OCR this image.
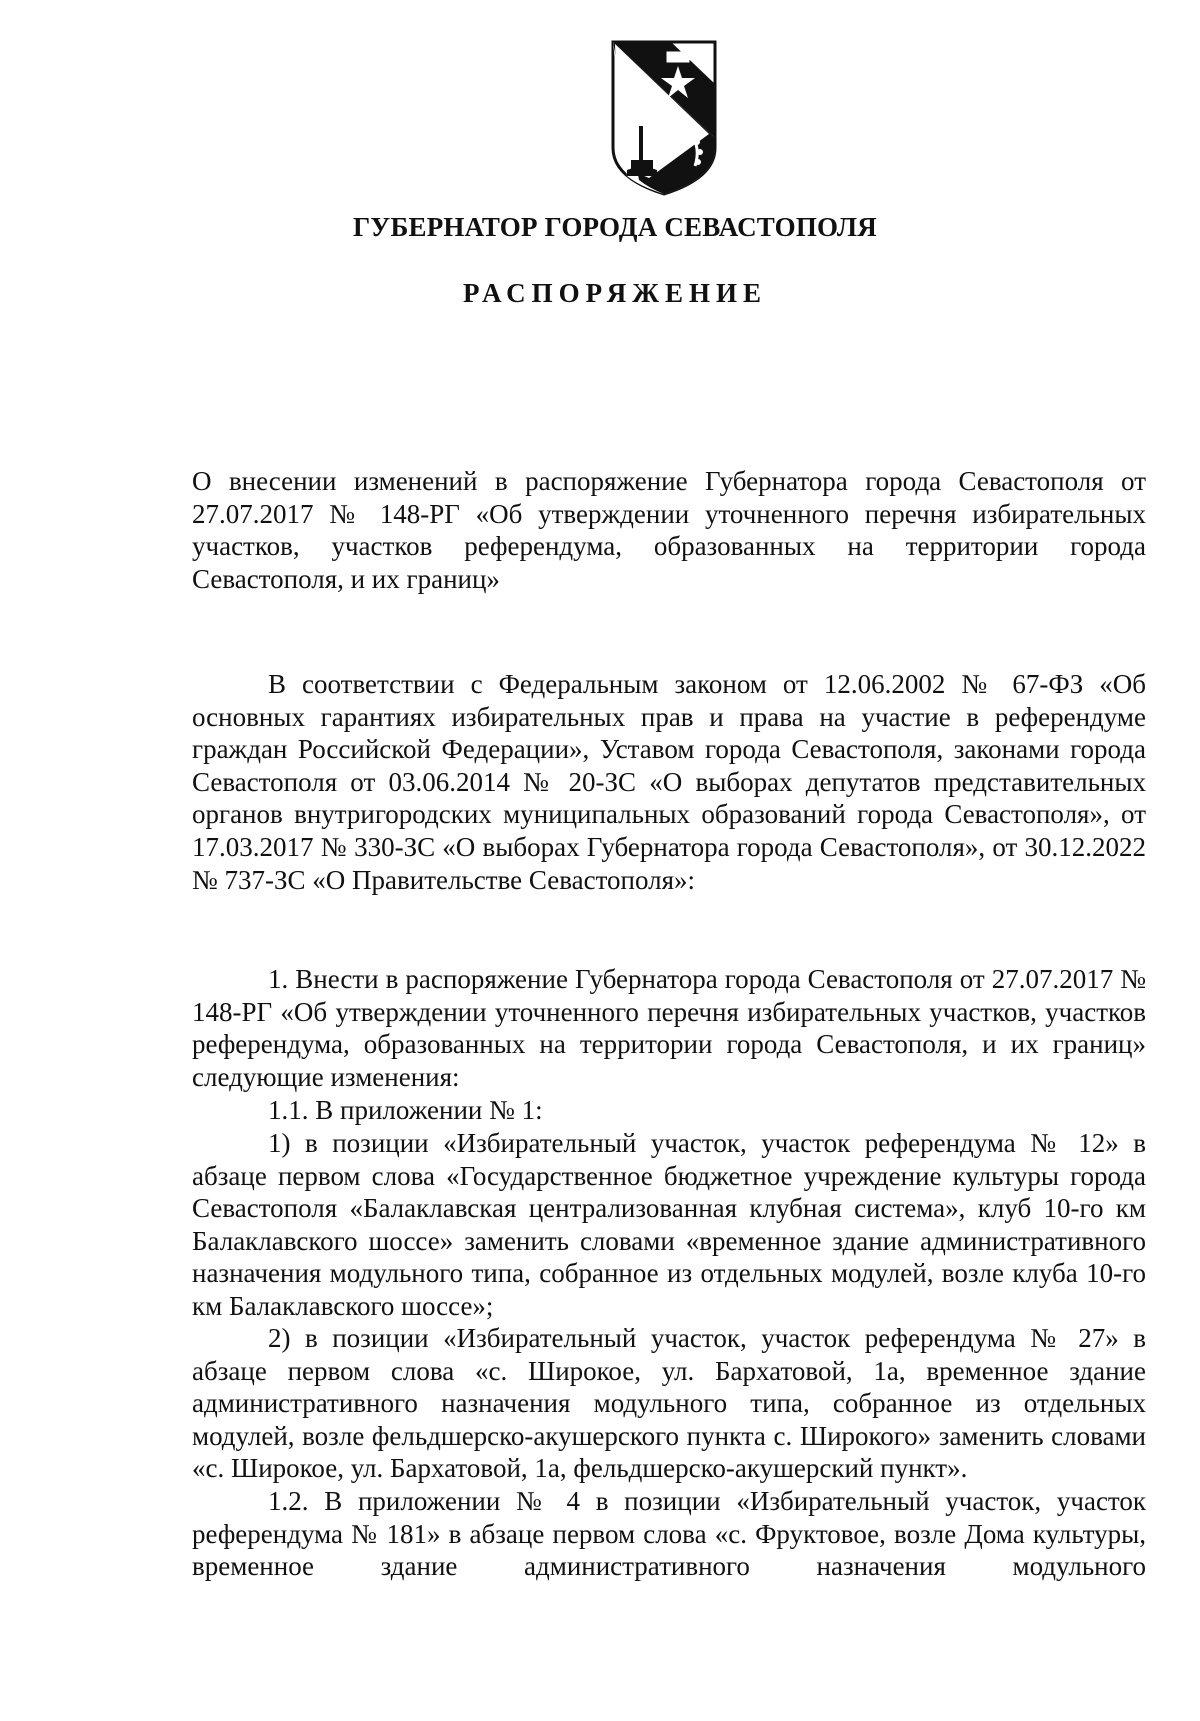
ГУБЕРНАТОР ГОРОДА СЕВАСТОПОЛЯ
РАСПОРЯЖЕНИЕ

О внесении изменений в распоряжение Губернатора города Севастополя от 27.07.2017 № 148-РГ «Об утверждении уточненного перечня избирательных участков, участков референдума, образованных на территории города Севастополя, и их границ»

В соответствии с Федеральным законом от 12.06.2002 № 67-ФЗ «Об основных гарантиях избирательных прав и права на участие в референдуме граждан Российской Федерации», Уставом города Севастополя, законами города Севастополя от 03.06.2014 № 20-ЗС «О выборах депутатов представительных органов внутригородских муниципальных образований города Севастополя», от 17.03.2017 № 330-ЗС «О выборах Губернатора города Севастополя», от 30.12.2022 № 737-ЗС «О Правительстве Севастополя»:

1. Внести в распоряжение Губернатора города Севастополя от 27.07.2017 № 148-РГ «Об утверждении уточненного перечня избирательных участков, участков референдума, образованных на территории города Севастополя, и их границ» следующие изменения:

1.1. В приложении № 1:

1) в позиции «Избирательный участок, участок референдума № 12» в абзаце первом слова «Государственное бюджетное учреждение культуры города Севастополя «Балаклавская централизованная клубная система», клуб 10-го км Балаклавского шоссе» заменить словами «временное здание административного назначения модульного типа, собранное из отдельных модулей, возле клуба 10-го км Балаклавского шоссе»;

2) в позиции «Избирательный участок, участок референдума № 27» в абзаце первом слова «с. Широкое, ул. Бархатовой, 1а, временное здание административного назначения модульного типа, собранное из отдельных модулей, возле фельдшерско-акушерского пункта с. Широкого» заменить словами «с. Широкое, ул. Бархатовой, 1а, фельдшерско-акушерский пункт».

1.2. В приложении № 4 в позиции «Избирательный участок, участок референдума № 181» в абзаце первом слова «с. Фруктовое, возле Дома культуры, временное здание административного назначения модульного
